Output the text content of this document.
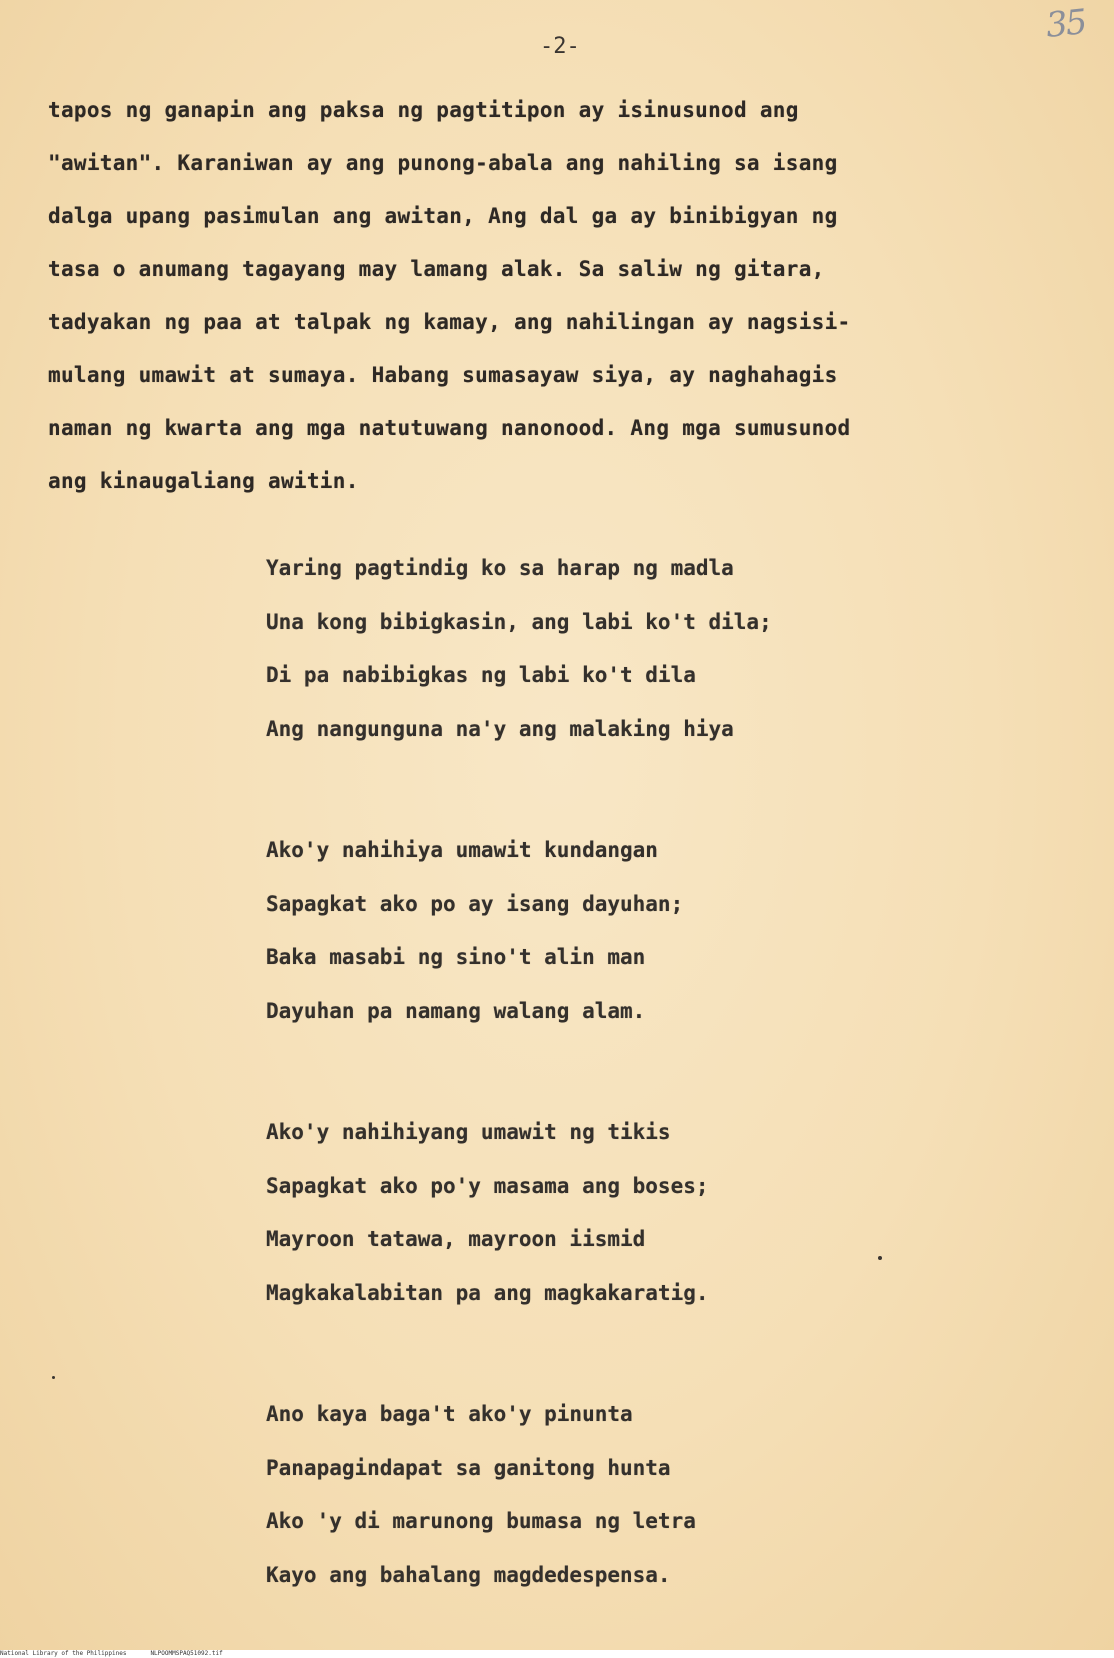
35
-2-
tapos ng ganapin ang paksa ng pagtitipon ay isinusunod ang
"awitan". Karaniwan ay ang punong-abala ang nahiling sa isang
dalga upang pasimulan ang awitan, Ang dal ga ay binibigyan ng
tasa o anumang tagayang may lamang alak. Sa saliw ng gitara,
tadyakan ng paa at talpak ng kamay, ang nahilingan ay nagsisi-
mulang umawit at sumaya. Habang sumasayaw siya, ay naghahagis
naman ng kwarta ang mga natutuwang nanonood. Ang mga sumusunod
ang kinaugaliang awitin.
Yaring pagtindig ko sa harap ng madla
Una kong bibigkasin, ang labi ko't dila;
Di pa nabibigkas ng labi ko't dila
Ang nangunguna na'y ang malaking hiya
Ako'y nahihiya umawit kundangan
Sapagkat ako po ay isang dayuhan;
Baka masabi ng sino't alin man
Dayuhan pa namang walang alam.
Ako'y nahihiyang umawit ng tikis
Sapagkat ako po'y masama ang boses;
Mayroon tatawa, mayroon iismid
Magkakalabitan pa ang magkakaratig.
Ano kaya baga't ako'y pinunta
Panapagindapat sa ganitong hunta
Ako 'y di marunong bumasa ng letra
Kayo ang bahalang magdedespensa.
National Library of the Philippines	NLPOOMMSPAQ51092.tif
